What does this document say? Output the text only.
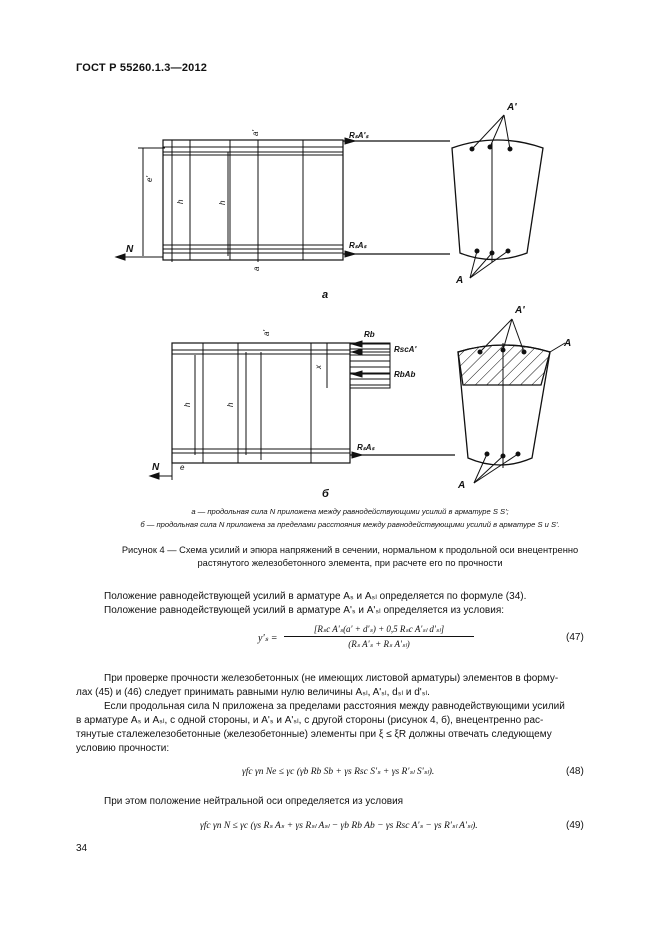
ГОСТ Р 55260.1.3—2012
A'
A
RₛA'ₛ
RₛAₛ
N
а
h	h
e'
a'
a
A'
A
A
Rb
RscA'
RbAb
RₛAₛ
N
б
h	h
x
a'
e
а — продольная сила N приложена между равнодействующими усилий в арматуре S S';
б — продольная сила N приложена за пределами расстояния между равнодействующими усилий в арматуре S и S'.
Рисунок 4 — Схема усилий и эпюра напряжений в сечении, нормальном к продольной оси внецентренно
растянутого железобетонного элемента, при расчете его по прочности
Положение равнодействующей усилий в арматуре Aₛ и Aₛₗ определяется по формуле (34).
Положение равнодействующей усилий в арматуре A'ₛ и A'ₛₗ определяется из условия:
y'ₛ =
[Rₛc A'ₛ(a' + d'ₛ) + 0,5 Rₛc A'ₛₗ d'ₛₗ]
(Rₛ A'ₛ + Rₛ A'ₛₗ)
(47)
При проверке прочности железобетонных (не имеющих листовой арматуры) элементов в форму-
лах (45) и (46) следует принимать равными нулю величины Aₛₗ, A'ₛₗ, dₛₗ и d'ₛₗ.
Если продольная сила N приложена за пределами расстояния между равнодействующими усилий
в арматуре Aₛ и Aₛₗ, с одной стороны, и A'ₛ и A'ₛₗ, с другой стороны (рисунок 4, б), внецентренно рас-
тянутые сталежелезобетонные (железобетонные) элементы при ξ ≤ ξR должны отвечать следующему
условию прочности:
γfc γn Ne ≤ γc (γb Rb Sb + γs Rsc S'ₛ + γs R'ₛₗ S'ₛₗ).	(48)
При этом положение нейтральной оси определяется из условия
γfc γn N ≤ γc (γs Rₛ Aₛ + γs Rₛₗ Aₛₗ − γb Rb Ab − γs Rsc A'ₛ − γs R'ₛₗ A'ₛₗ).	(49)
34
